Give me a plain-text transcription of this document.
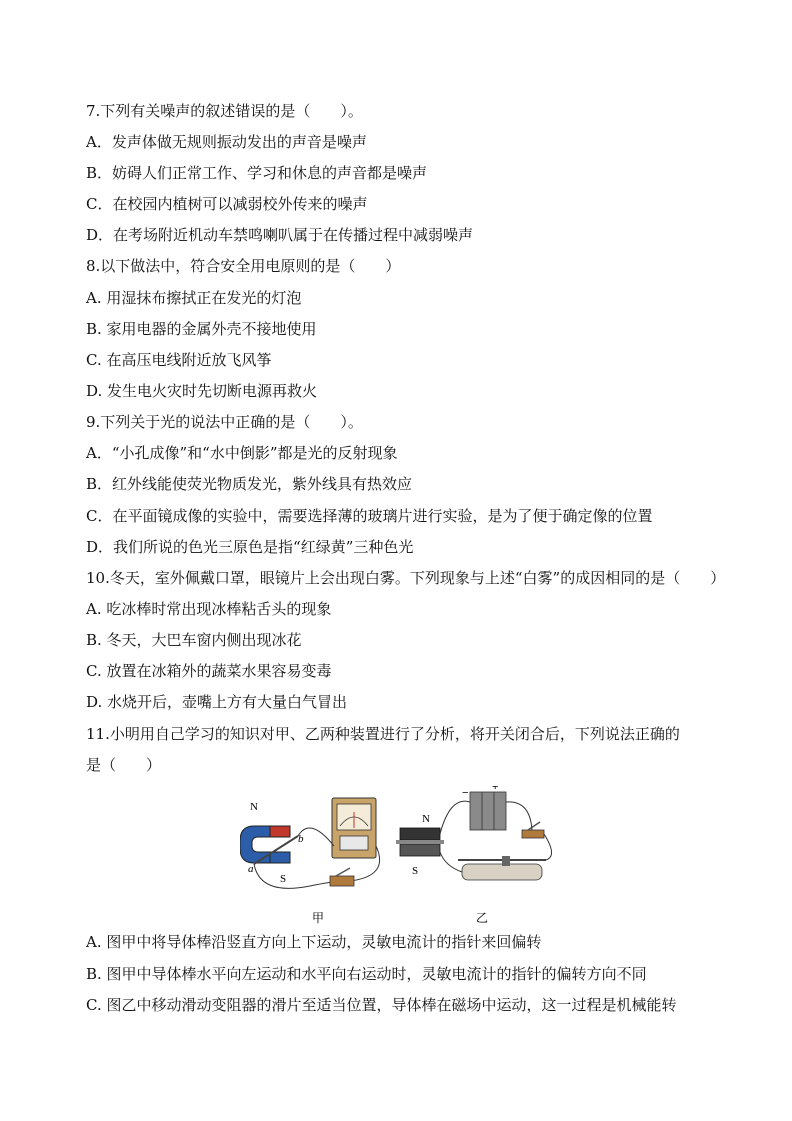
7.下列有关噪声的叙述错误的是（　　）。
A．发声体做无规则振动发出的声音是噪声
B．妨碍人们正常工作、学习和休息的声音都是噪声
C．在校园内植树可以减弱校外传来的噪声
D．在考场附近机动车禁鸣喇叭属于在传播过程中减弱噪声
8.以下做法中，符合安全用电原则的是（　　）
A. 用湿抹布擦拭正在发光的灯泡
B. 家用电器的金属外壳不接地使用
C. 在高压电线附近放飞风筝
D. 发生电火灾时先切断电源再救火
9.下列关于光的说法中正确的是（　　）。
A．“小孔成像”和“水中倒影”都是光的反射现象
B．红外线能使荧光物质发光，紫外线具有热效应
C．在平面镜成像的实验中，需要选择薄的玻璃片进行实验，是为了便于确定像的位置
D．我们所说的色光三原色是指“红绿黄”三种色光
10.冬天，室外佩戴口罩，眼镜片上会出现白雾。下列现象与上述“白雾”的成因相同的是（　　）
A. 吃冰棒时常出现冰棒粘舌头的现象
B. 冬天，大巴车窗内侧出现冰花
C. 放置在冰箱外的蔬菜水果容易变毒
D. 水烧开后，壶嘴上方有大量白气冒出
11.小明用自己学习的知识对甲、乙两种装置进行了分析，将开关闭合后，下列说法正确的
是（　　）
N
S
a
b
甲
N
S
− +
乙
A. 图甲中将导体棒沿竖直方向上下运动，灵敏电流计的指针来回偏转
B. 图甲中导体棒水平向左运动和水平向右运动时，灵敏电流计的指针的偏转方向不同
C. 图乙中移动滑动变阻器的滑片至适当位置，导体棒在磁场中运动，这一过程是机械能转
